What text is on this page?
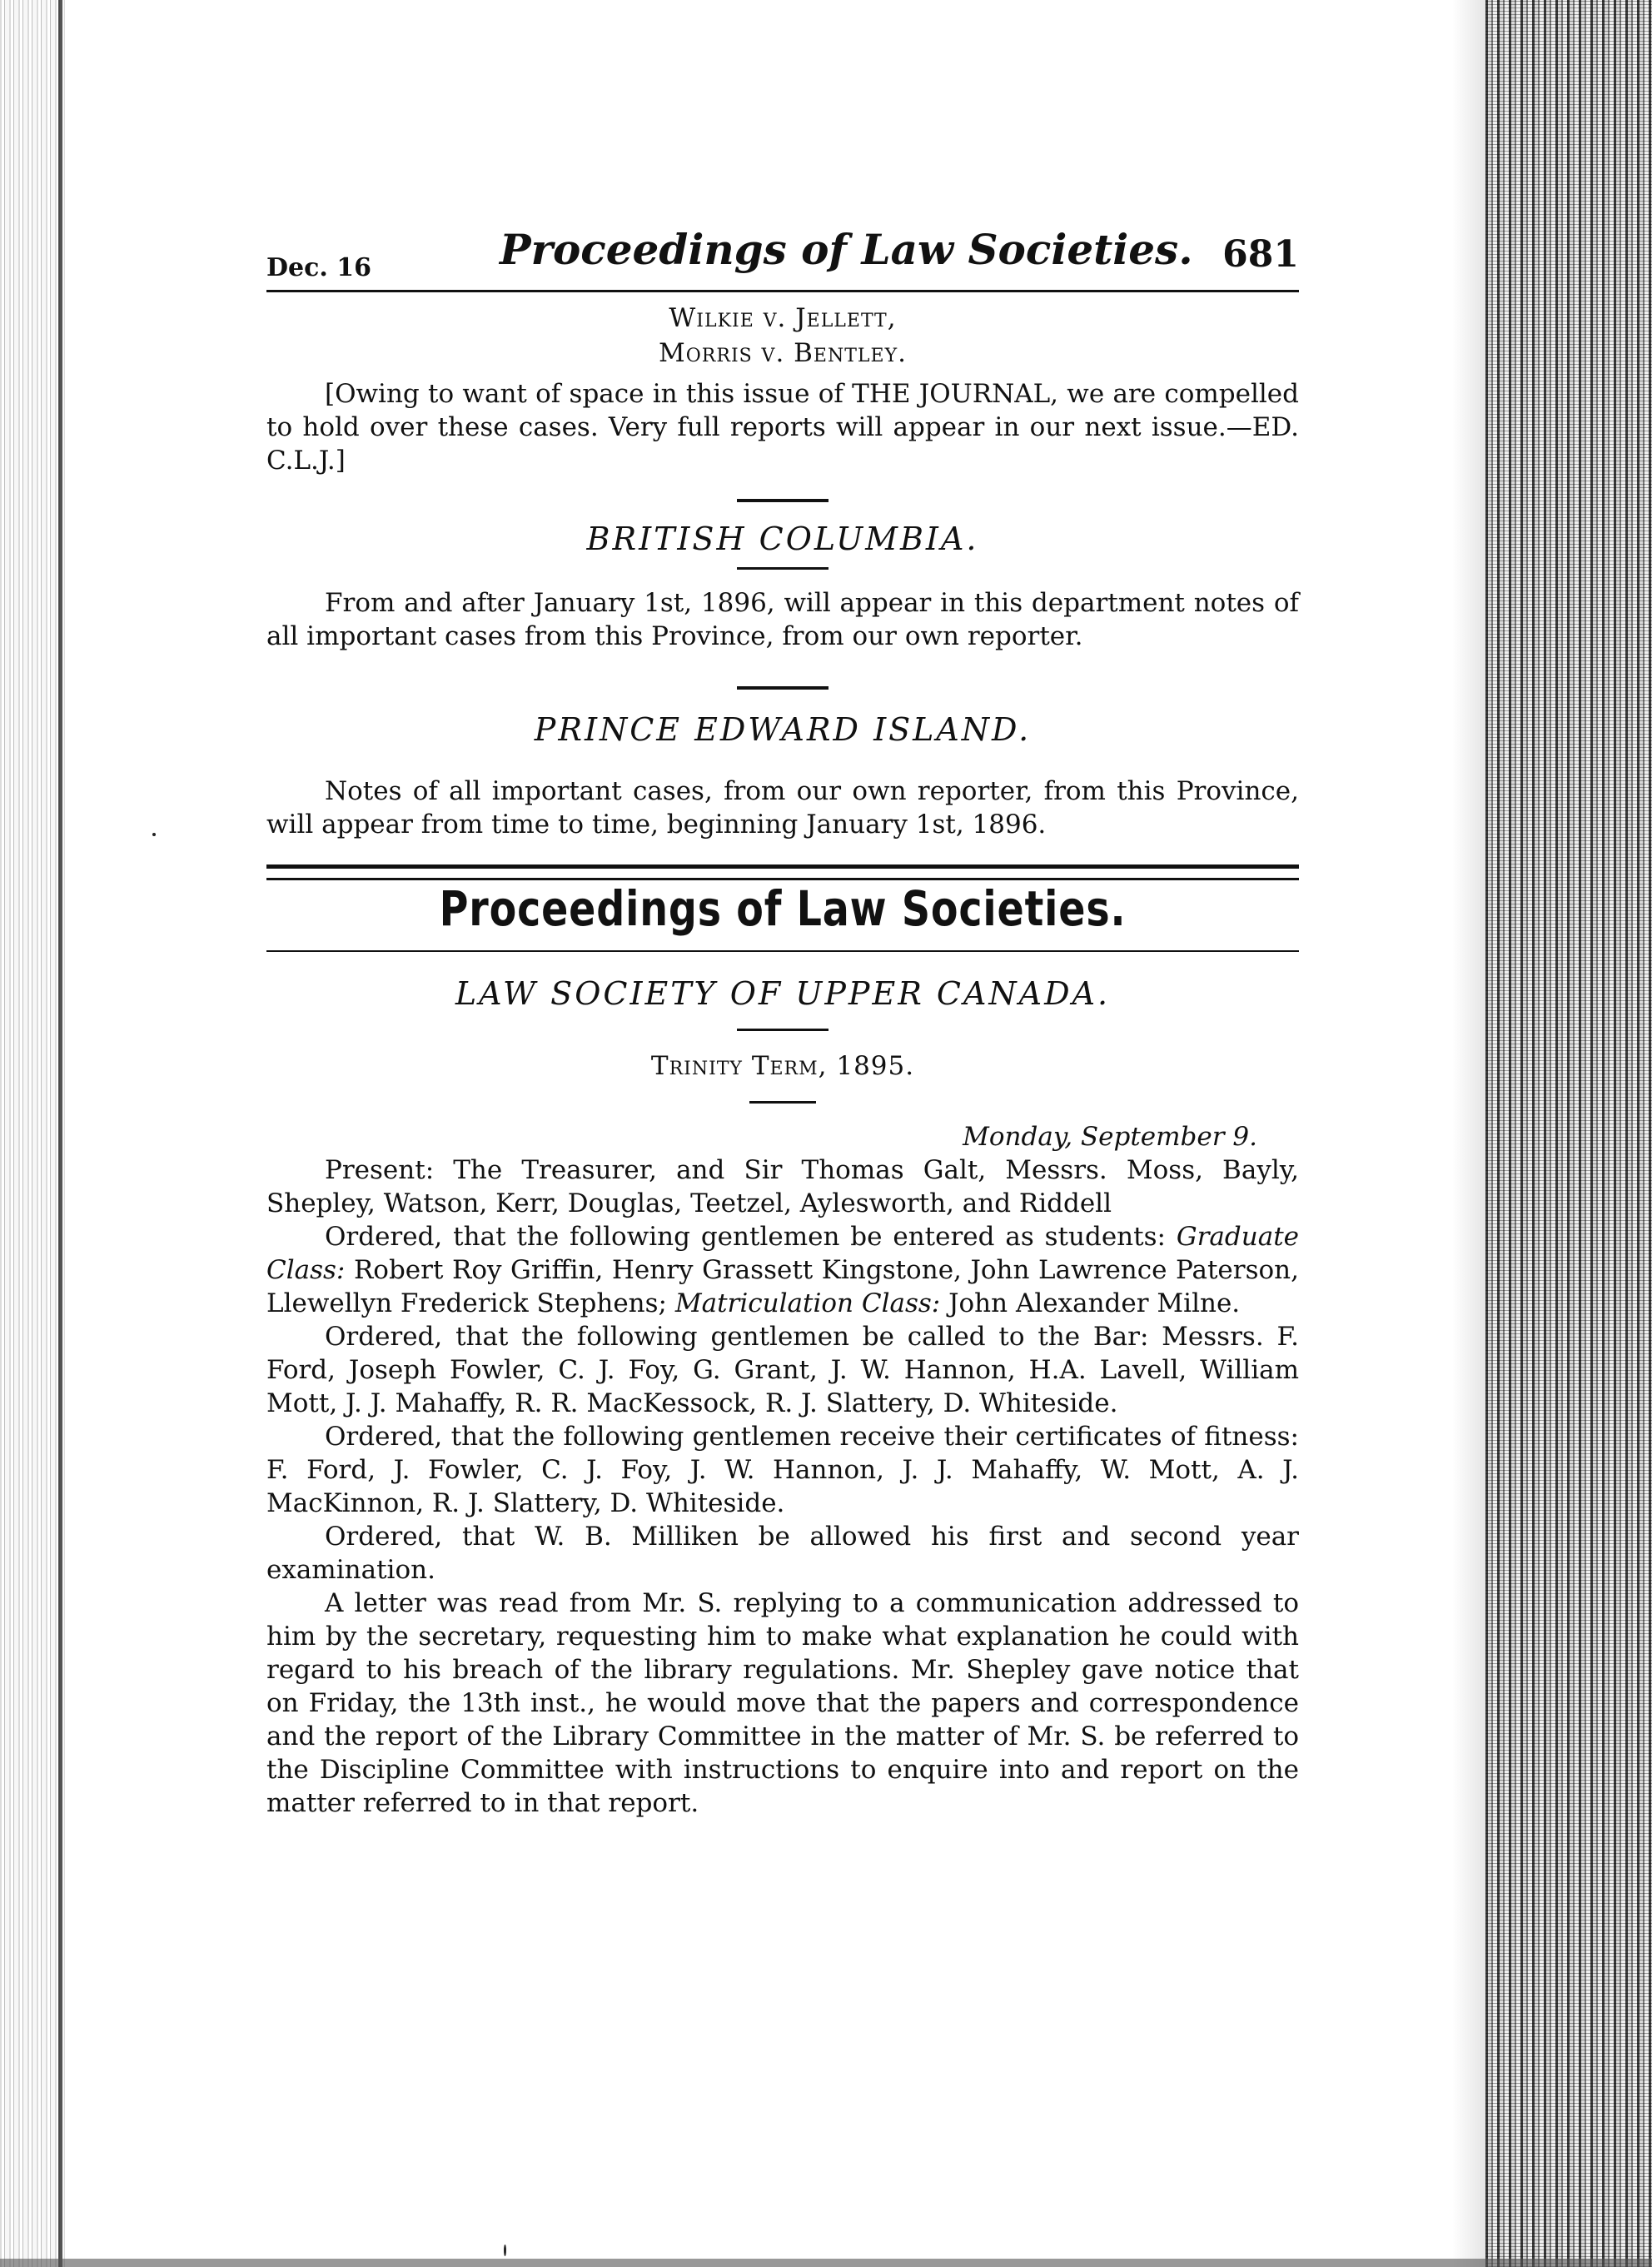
Dec. 16	Proceedings of Law Societies. 681
Wilkie v. Jellett,
Morris v. Bentley.

[Owing to want of space in this issue of THE JOURNAL, we are compelled to hold over these cases. Very full reports will appear in our next issue.—ED. C.L.J.]

BRITISH COLUMBIA.

From and after January 1st, 1896, will appear in this department notes of all important cases from this Province, from our own reporter.

PRINCE EDWARD ISLAND.

Notes of all important cases, from our own reporter, from this Province, will appear from time to time, beginning January 1st, 1896.

Proceedings of Law Societies.
LAW SOCIETY OF UPPER CANADA.
Trinity Term, 1895.

Monday, September 9.

Present: The Treasurer, and Sir Thomas Galt, Messrs. Moss, Bayly, Shepley, Watson, Kerr, Douglas, Teetzel, Aylesworth, and Riddell

Ordered, that the following gentlemen be entered as students: Graduate Class: Robert Roy Griffin, Henry Grassett Kingstone, John Lawrence Paterson, Llewellyn Frederick Stephens; Matriculation Class: John Alexander Milne.

Ordered, that the following gentlemen be called to the Bar: Messrs. F. Ford, Joseph Fowler, C. J. Foy, G. Grant, J. W. Hannon, H.A. Lavell, William Mott, J. J. Mahaffy, R. R. MacKessock, R. J. Slattery, D. Whiteside.

Ordered, that the following gentlemen receive their certificates of fitness: F. Ford, J. Fowler, C. J. Foy, J. W. Hannon, J. J. Mahaffy, W. Mott, A. J. MacKinnon, R. J. Slattery, D. Whiteside.

Ordered, that W. B. Milliken be allowed his first and second year examination.

A letter was read from Mr. S. replying to a communication addressed to him by the secretary, requesting him to make what explanation he could with regard to his breach of the library regulations. Mr. Shepley gave notice that on Friday, the 13th inst., he would move that the papers and correspondence and the report of the Library Committee in the matter of Mr. S. be referred to the Discipline Committee with instructions to enquire into and report on the matter referred to in that report.
